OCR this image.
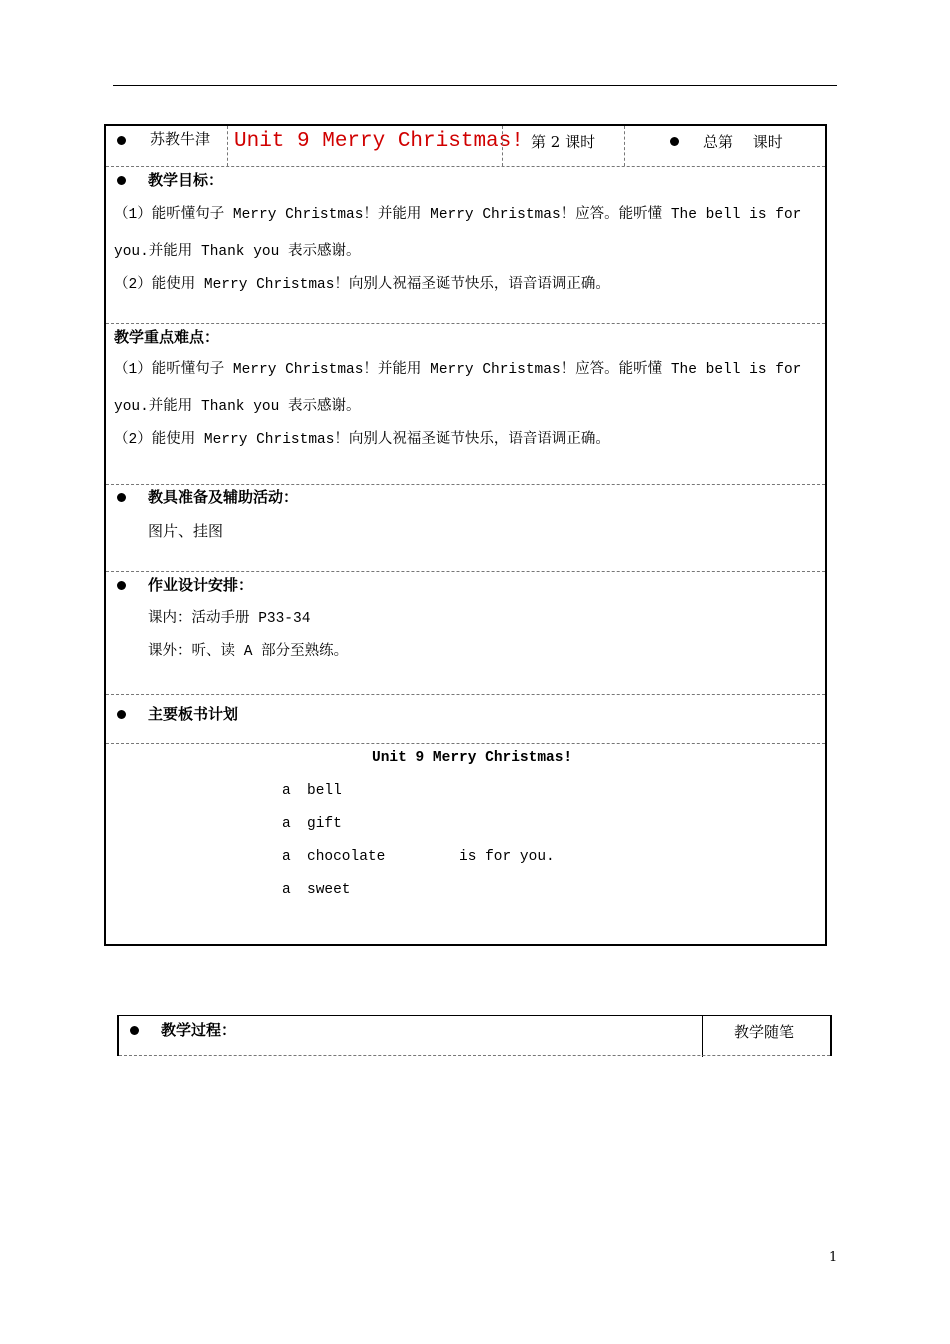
苏教牛津 Unit 9 Merry Christmas! 第 2 课时	总第　 课时
教学目标：
（1）能听懂句子 Merry Christmas！并能用 Merry Christmas！应答。能听懂 The bell is for
you.并能用 Thank you 表示感谢。
（2）能使用 Merry Christmas！向别人祝福圣诞节快乐，语音语调正确。
教学重点难点：
（1）能听懂句子 Merry Christmas！并能用 Merry Christmas！应答。能听懂 The bell is for
you.并能用 Thank you 表示感谢。
（2）能使用 Merry Christmas！向别人祝福圣诞节快乐，语音语调正确。
教具准备及辅助活动：
图片、挂图
作业设计安排：
课内：活动手册 P33-34
课外：听、读 A 部分至熟练。
主要板书计划
Unit 9 Merry Christmas!
a bell
a gift
a chocolate	is for you.
a sweet
教学过程：	教学随笔
1
